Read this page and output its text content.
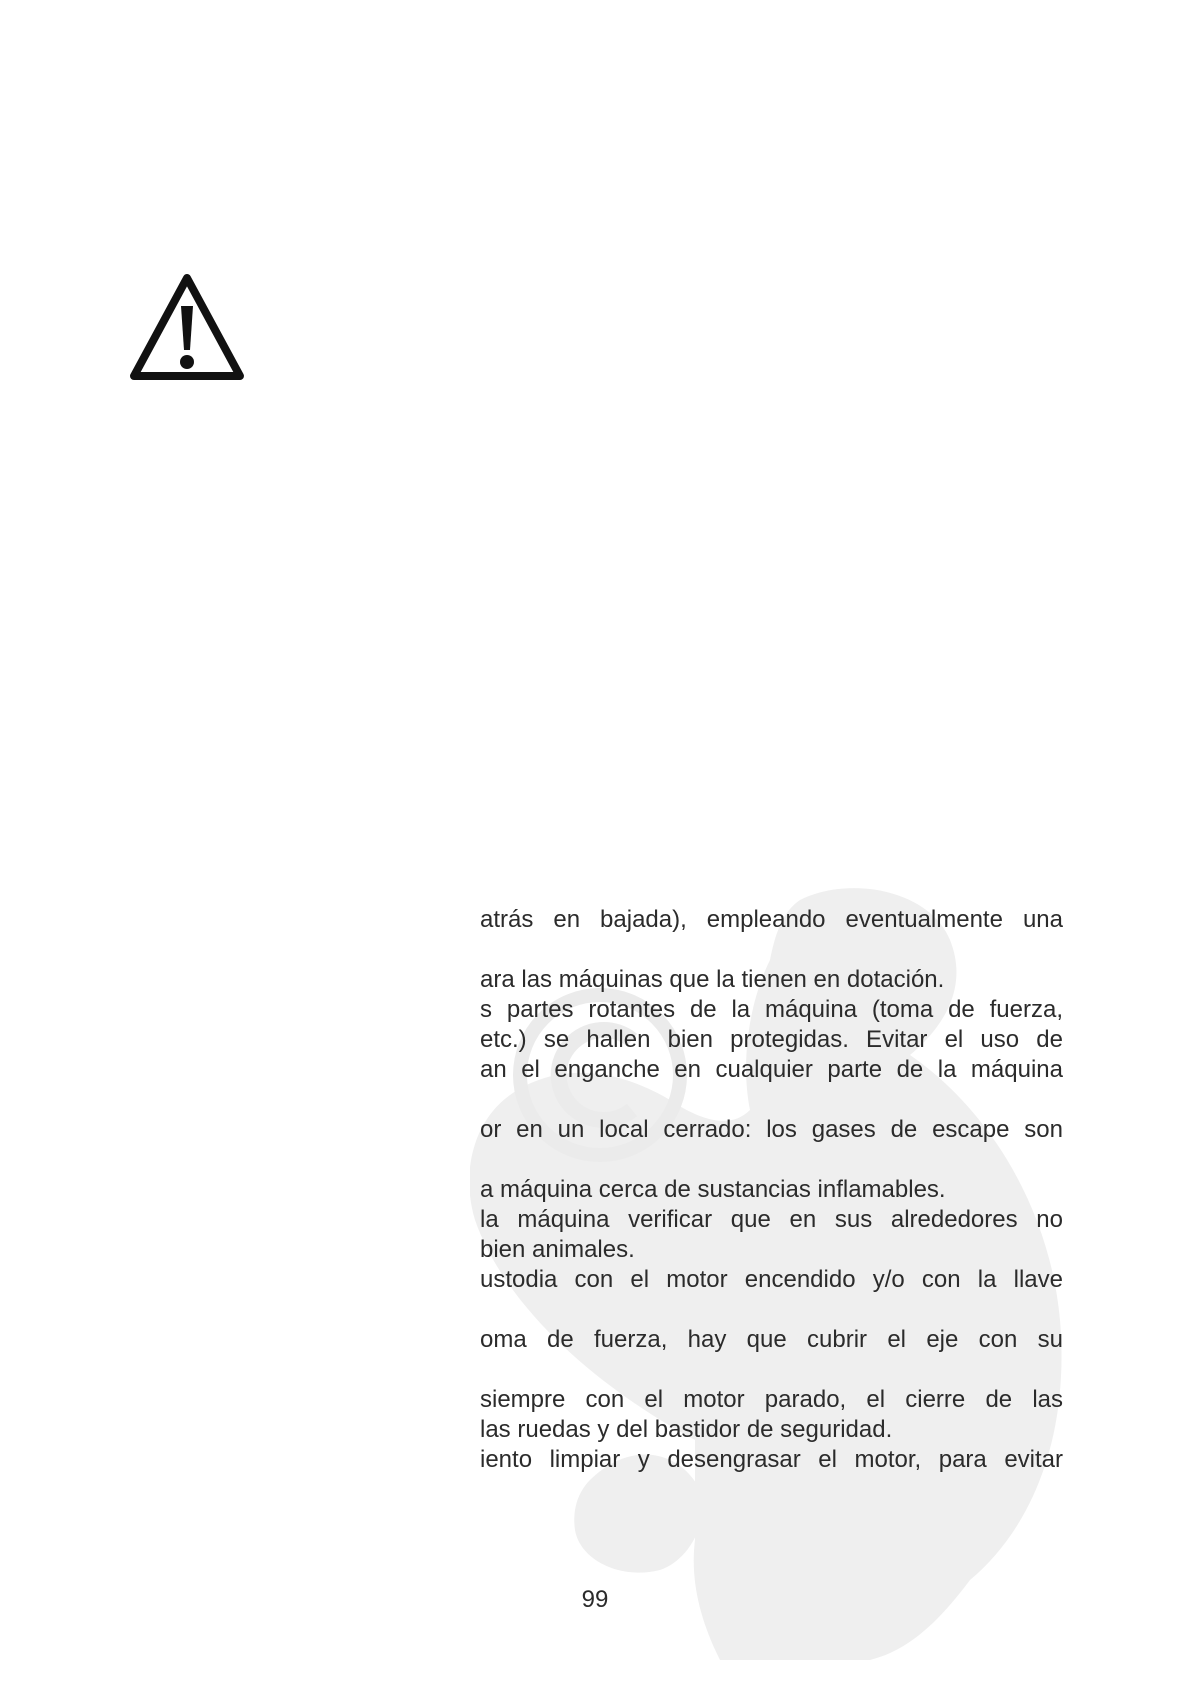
atrás en bajada), empleando eventualmente una
ara las máquinas que la tienen en dotación.
s partes rotantes de la máquina (toma de fuerza,
etc.) se hallen bien protegidas. Evitar el uso de
an el enganche en cualquier parte de la máquina
or en un local cerrado: los gases de escape son
a máquina cerca de sustancias inflamables.
la máquina verificar que en sus alrededores no
bien animales.
ustodia con el motor encendido y/o con la llave
oma de fuerza, hay que cubrir el eje con su
siempre con el motor parado, el cierre de las
las ruedas y del bastidor de seguridad.
iento limpiar y desengrasar el motor, para evitar
99
